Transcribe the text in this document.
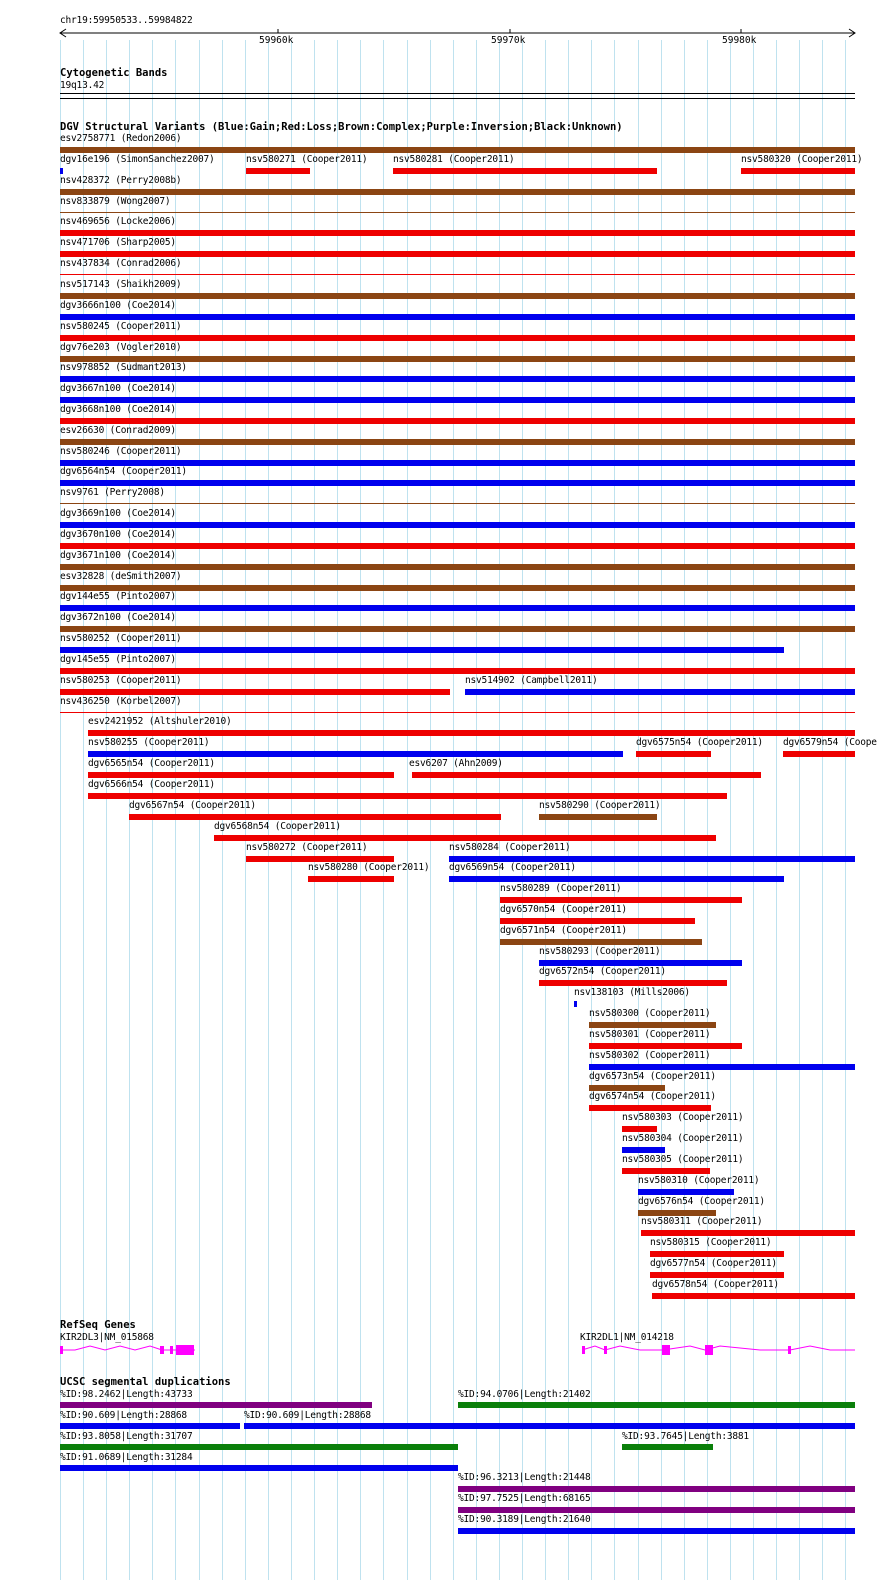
chr19:59950533..59984822
59960k	59970k	59980k
Cytogenetic Bands
19q13.42
DGV Structural Variants (Blue:Gain;Red:Loss;Brown:Complex;Purple:Inversion;Black:Unknown)
esv2758771 (Redon2006)
dgv16e196 (SimonSanchez2007)	nsv580271 (Cooper2011)	nsv580281 (Cooper2011)	nsv580320 (Cooper2011)
nsv428372 (Perry2008b)
nsv833879 (Wong2007)
nsv469656 (Locke2006)
nsv471706 (Sharp2005)
nsv437834 (Conrad2006)
nsv517143 (Shaikh2009)
dgv3666n100 (Coe2014)
nsv580245 (Cooper2011)
dgv76e203 (Vogler2010)
nsv978852 (Sudmant2013)
dgv3667n100 (Coe2014)
dgv3668n100 (Coe2014)
esv26630 (Conrad2009)
nsv580246 (Cooper2011)
dgv6564n54 (Cooper2011)
nsv9761 (Perry2008)
dgv3669n100 (Coe2014)
dgv3670n100 (Coe2014)
dgv3671n100 (Coe2014)
esv32828 (deSmith2007)
dgv144e55 (Pinto2007)
dgv3672n100 (Coe2014)
nsv580252 (Cooper2011)
dgv145e55 (Pinto2007)
nsv580253 (Cooper2011)	nsv514902 (Campbell2011)
nsv436250 (Korbel2007)
esv2421952 (Altshuler2010)
nsv580255 (Cooper2011)	dgv6575n54 (Cooper2011) dgv6579n54 (Coope
dgv6565n54 (Cooper2011)	esv6207 (Ahn2009)
dgv6566n54 (Cooper2011)
dgv6567n54 (Cooper2011)	nsv580290 (Cooper2011)
dgv6568n54 (Cooper2011)
nsv580272 (Cooper2011)	nsv580284 (Cooper2011)
nsv580280 (Cooper2011) dgv6569n54 (Cooper2011)
nsv580289 (Cooper2011)
dgv6570n54 (Cooper2011)
dgv6571n54 (Cooper2011)
nsv580293 (Cooper2011)
dgv6572n54 (Cooper2011)
nsv138103 (Mills2006)
nsv580300 (Cooper2011)
nsv580301 (Cooper2011)
nsv580302 (Cooper2011)
dgv6573n54 (Cooper2011)
dgv6574n54 (Cooper2011)
nsv580303 (Cooper2011)
nsv580304 (Cooper2011)
nsv580305 (Cooper2011)
nsv580310 (Cooper2011)
dgv6576n54 (Cooper2011)
nsv580311 (Cooper2011)
nsv580315 (Cooper2011)
dgv6577n54 (Cooper2011)
dgv6578n54 (Cooper2011)
RefSeq Genes
KIR2DL3|NM_015868	KIR2DL1|NM_014218
UCSC segmental duplications
%ID:98.2462|Length:43733	%ID:94.0706|Length:21402
%ID:90.609|Length:28868	%ID:90.609|Length:28868
%ID:93.8058|Length:31707	%ID:93.7645|Length:3881
%ID:91.0689|Length:31284
%ID:96.3213|Length:21448
%ID:97.7525|Length:68165
%ID:90.3189|Length:21640
